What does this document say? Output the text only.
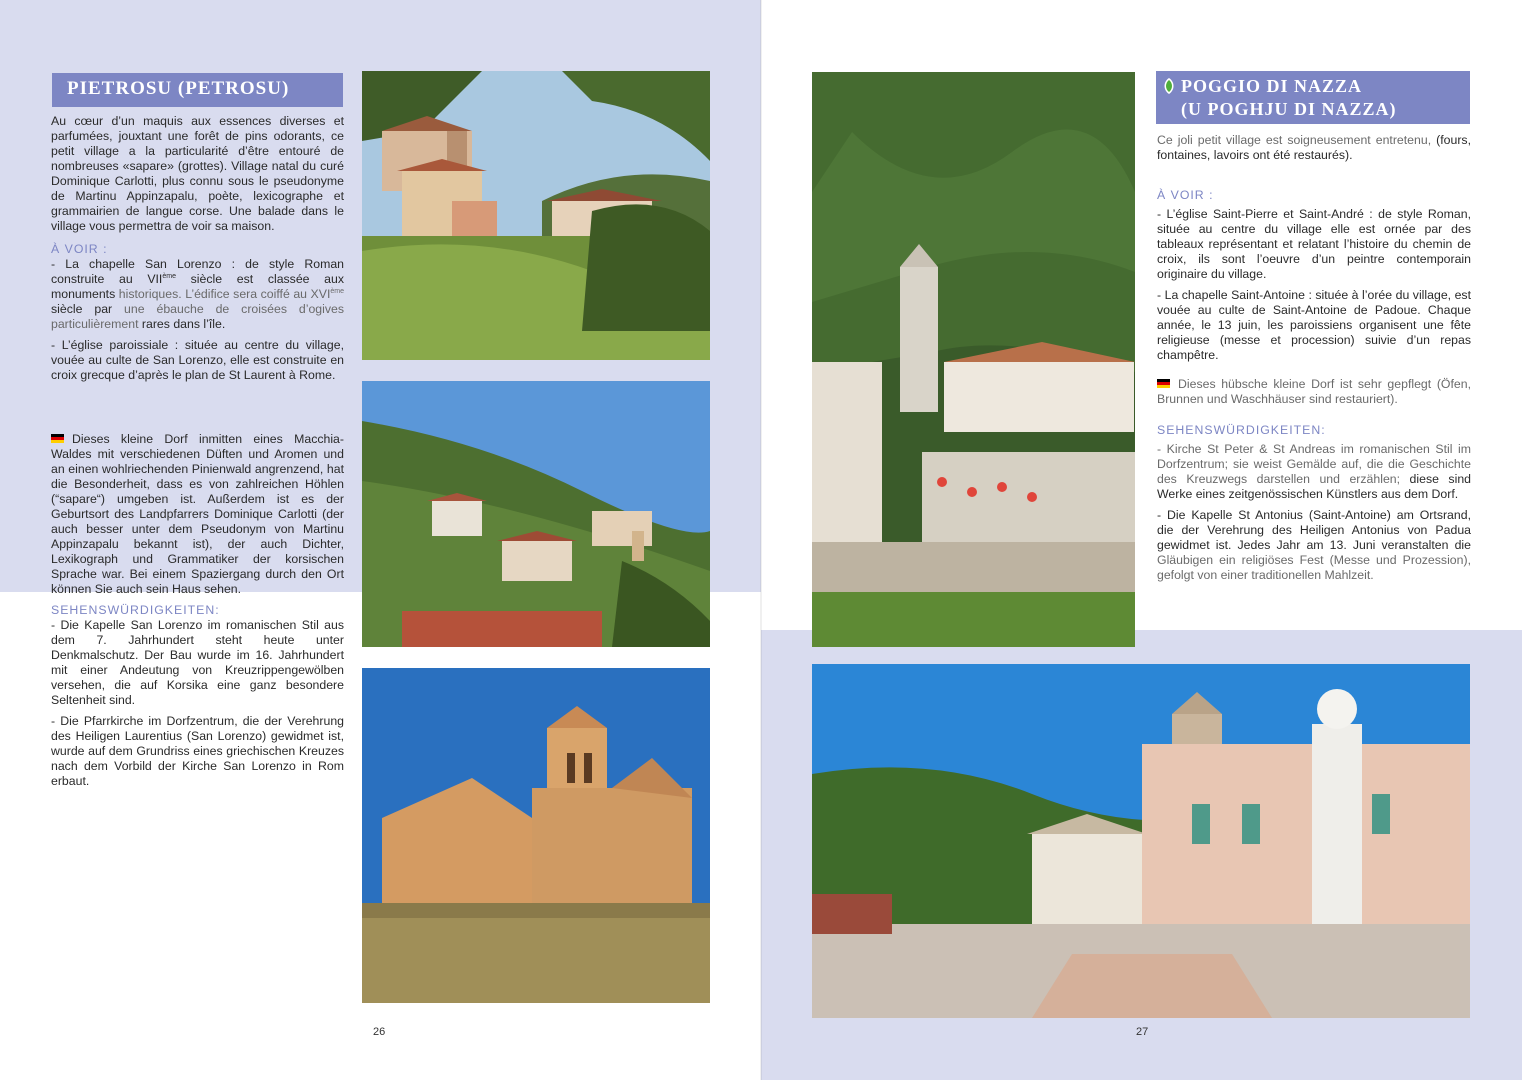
PIETROSU (PETROSU)

Au cœur d’un maquis aux essences diverses et parfumées, jouxtant une forêt de pins odorants, ce petit village a la particularité d’être entouré de nombreuses «sapare» (grottes). Village natal du curé Dominique Carlotti, plus connu sous le pseudonyme de Martinu Appinzapalu, poète, lexicographe et grammairien de langue corse. Une balade dans le village vous permettra de voir sa maison.

À VOIR :

- La chapelle San Lorenzo : de style Roman construite au VIIème siècle est classée aux monuments historiques. L’édifice sera coiffé au XVIème siècle par une ébauche de croisées d’ogives particulièrement rares dans l’île.

- L’église paroissiale : située au centre du village, vouée au culte de San Lorenzo, elle est construite en croix grecque d’après le plan de St Laurent à Rome.

Dieses kleine Dorf inmitten eines Macchia-Waldes mit verschiedenen Düften und Aromen und an einen wohlriechenden Pinienwald angrenzend, hat die Besonderheit, dass es von zahlreichen Höhlen (“sapare“) umgeben ist. Außerdem ist es der Geburtsort des Landpfarrers Dominique Carlotti (der auch besser unter dem Pseudonym von Martinu Appinzapalu bekannt ist), der auch Dichter, Lexikograph und Grammatiker der korsischen Sprache war. Bei einem Spaziergang durch den Ort können Sie auch sein Haus sehen.

SEHENSWÜRDIGKEITEN:

- Die Kapelle San Lorenzo im romanischen Stil aus dem 7. Jahrhundert steht heute unter Denkmalschutz. Der Bau wurde im 16. Jahrhundert mit einer Andeutung von Kreuzrippengewölben versehen, die auf Korsika eine ganz besondere Seltenheit sind.

- Die Pfarrkirche im Dorfzentrum, die der Verehrung des Heiligen Laurentius (San Lorenzo) gewidmet ist, wurde auf dem Grundriss eines griechischen Kreuzes nach dem Vorbild der Kirche San Lorenzo in Rom erbaut.

26
POGGIO DI NAZZA
(U POGHJU DI NAZZA)

Ce joli petit village est soigneusement entretenu, (fours, fontaines, lavoirs ont été restaurés).

À VOIR :

- L’église Saint-Pierre et Saint-André : de style Roman, située au centre du village elle est ornée par des tableaux représentant et relatant l’histoire du chemin de croix, ils sont l’oeuvre d’un peintre contemporain originaire du village.

- La chapelle Saint-Antoine : située à l’orée du village, est vouée au culte de Saint-Antoine de Padoue. Chaque année, le 13 juin, les paroissiens organisent une fête religieuse (messe et procession) suivie d’un repas champêtre.

Dieses hübsche kleine Dorf ist sehr gepflegt (Öfen, Brunnen und Waschhäuser sind restauriert).

SEHENSWÜRDIGKEITEN:

- Kirche St Peter & St Andreas im romanischen Stil im Dorfzentrum; sie weist Gemälde auf, die die Geschichte des Kreuzwegs darstellen und erzählen; diese sind Werke eines zeitgenössischen Künstlers aus dem Dorf.

- Die Kapelle St Antonius (Saint-Antoine) am Ortsrand, die der Verehrung des Heiligen Antonius von Padua gewidmet ist. Jedes Jahr am 13. Juni veranstalten die Gläubigen ein religiöses Fest (Messe und Prozession), gefolgt von einer traditionellen Mahlzeit.

27
